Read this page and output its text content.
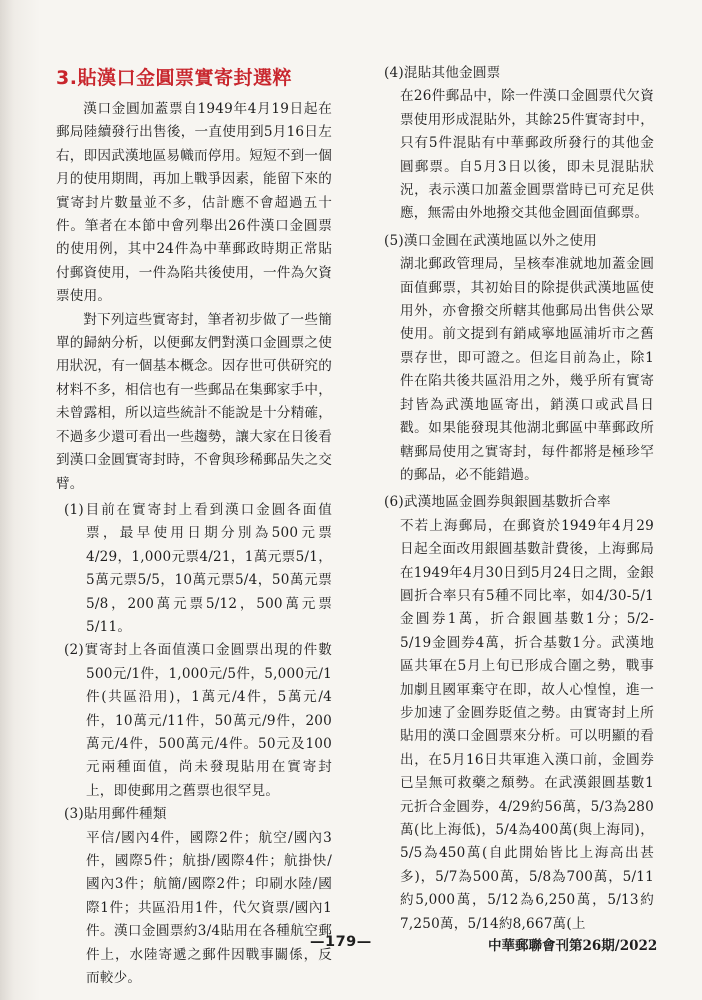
3.貼漢口金圓票實寄封選粹

漢口金圓加蓋票自1949年4月19日起在郵局陸續發行出售後，一直使用到5月16日左右，即因武漢地區易幟而停用。短短不到一個月的使用期間，再加上戰爭因素，能留下來的實寄封片數量並不多，估計應不會超過五十件。筆者在本節中會列舉出26件漢口金圓票的使用例，其中24件為中華郵政時期正常貼付郵資使用，一件為陷共後使用，一件為欠資票使用。

對下列這些實寄封，筆者初步做了一些簡單的歸納分析，以便郵友們對漢口金圓票之使用狀況，有一個基本概念。因存世可供研究的材料不多，相信也有一些郵品在集郵家手中，未曾露相，所以這些統計不能說是十分精確，不過多少還可看出一些趨勢，讓大家在日後看到漢口金圓實寄封時，不會與珍稀郵品失之交臂。

(1)目前在實寄封上看到漢口金圓各面值票，最早使用日期分別為500元票4/29，1,000元票4/21，1萬元票5/1，5萬元票5/5，10萬元票5/4，50萬元票5/8，200萬元票5/12，500萬元票5/11。

(2)實寄封上各面值漢口金圓票出現的件數500元/1件，1,000元/5件，5,000元/1件(共區沿用)，1萬元/4件，5萬元/4件，10萬元/11件，50萬元/9件，200萬元/4件，500萬元/4件。50元及100元兩種面值，尚未發現貼用在實寄封上，即使郵用之舊票也很罕見。

(3)貼用郵件種類

平信/國內4件，國際2件；航空/國內3件，國際5件；航掛/國際4件；航掛快/國內3件；航簡/國際2件；印刷水陸/國際1件；共區沿用1件，代欠資票/國內1件。漢口金圓票約3/4貼用在各種航空郵件上，水陸寄遞之郵件因戰事關係，反而較少。

(4)混貼其他金圓票

在26件郵品中，除一件漢口金圓票代欠資票使用形成混貼外，其餘25件實寄封中，只有5件混貼有中華郵政所發行的其他金圓郵票。自5月3日以後，即未見混貼狀況，表示漢口加蓋金圓票當時已可充足供應，無需由外地撥交其他金圓面值郵票。

(5)漢口金圓在武漢地區以外之使用

湖北郵政管理局，呈核奉准就地加蓋金圓面值郵票，其初始目的除提供武漢地區使用外，亦會撥交所轄其他郵局出售供公眾使用。前文提到有銷咸寧地區浦圻市之舊票存世，即可證之。但迄目前為止，除1件在陷共後共區沿用之外，幾乎所有實寄封皆為武漢地區寄出，銷漢口或武昌日戳。如果能發現其他湖北郵區中華郵政所轄郵局使用之實寄封，每件都將是極珍罕的郵品，必不能錯過。

(6)武漢地區金圓券與銀圓基數折合率

不若上海郵局，在郵資於1949年4月29日起全面改用銀圓基數計費後，上海郵局在1949年4月30日到5月24日之間，金銀圓折合率只有5種不同比率，如4/30-5/1金圓券1萬，折合銀圓基數1分；5/2-5/19金圓券4萬，折合基數1分。武漢地區共軍在5月上旬已形成合圍之勢，戰事加劇且國軍棄守在即，故人心惶惶，進一步加速了金圓券貶值之勢。由實寄封上所貼用的漢口金圓票來分析。可以明顯的看出，在5月16日共軍進入漢口前，金圓券已呈無可救藥之頹勢。在武漢銀圓基數1元折合金圓券，4/29約56萬，5/3為280萬(比上海低)，5/4為400萬(與上海同)，5/5為450萬(自此開始皆比上海高出甚多)，5/7為500萬，5/8為700萬，5/11約5,000萬，5/12為6,250萬，5/13約7,250萬，5/14約8,667萬(上

—179—	中華郵聯會刊第26期/2022
